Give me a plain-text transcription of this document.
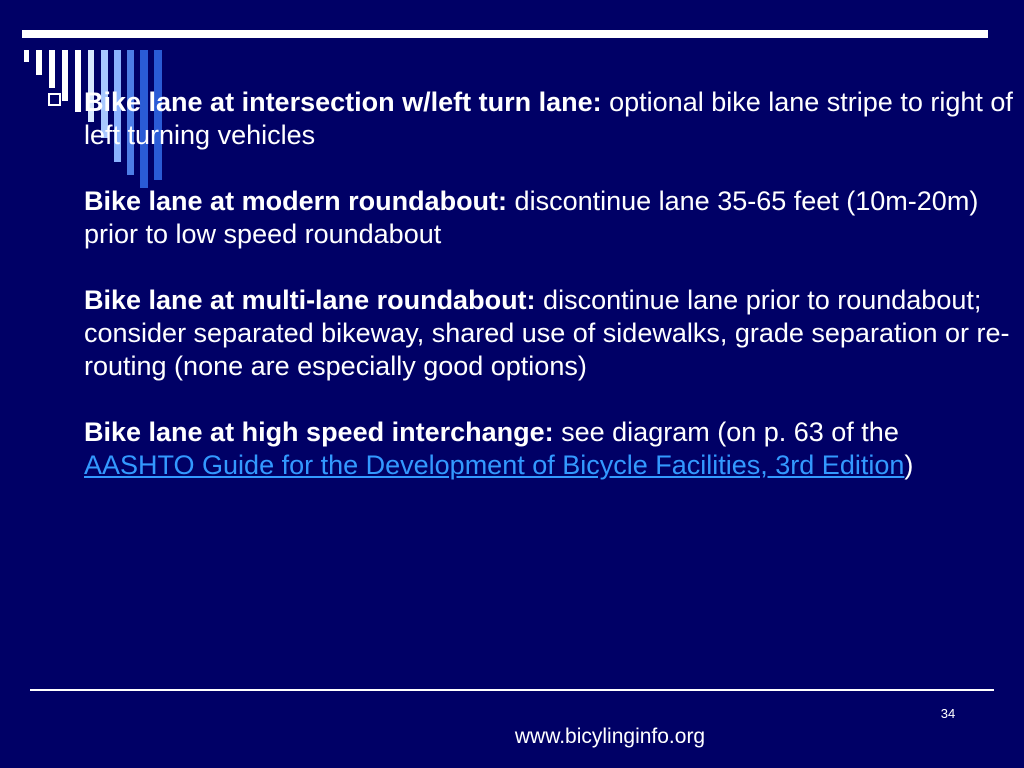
Bike lane at intersection w/left turn lane: optional bike lane stripe to right of left turning vehicles

Bike lane at modern roundabout: discontinue lane 35-65 feet (10m-20m) prior to low speed roundabout

Bike lane at multi-lane roundabout: discontinue lane prior to roundabout; consider separated bikeway, shared use of sidewalks, grade separation or re-routing (none are especially good options)

Bike lane at high speed interchange: see diagram (on p. 63 of the AASHTO Guide for the Development of Bicycle Facilities, 3rd Edition)

34
www.bicylinginfo.org
